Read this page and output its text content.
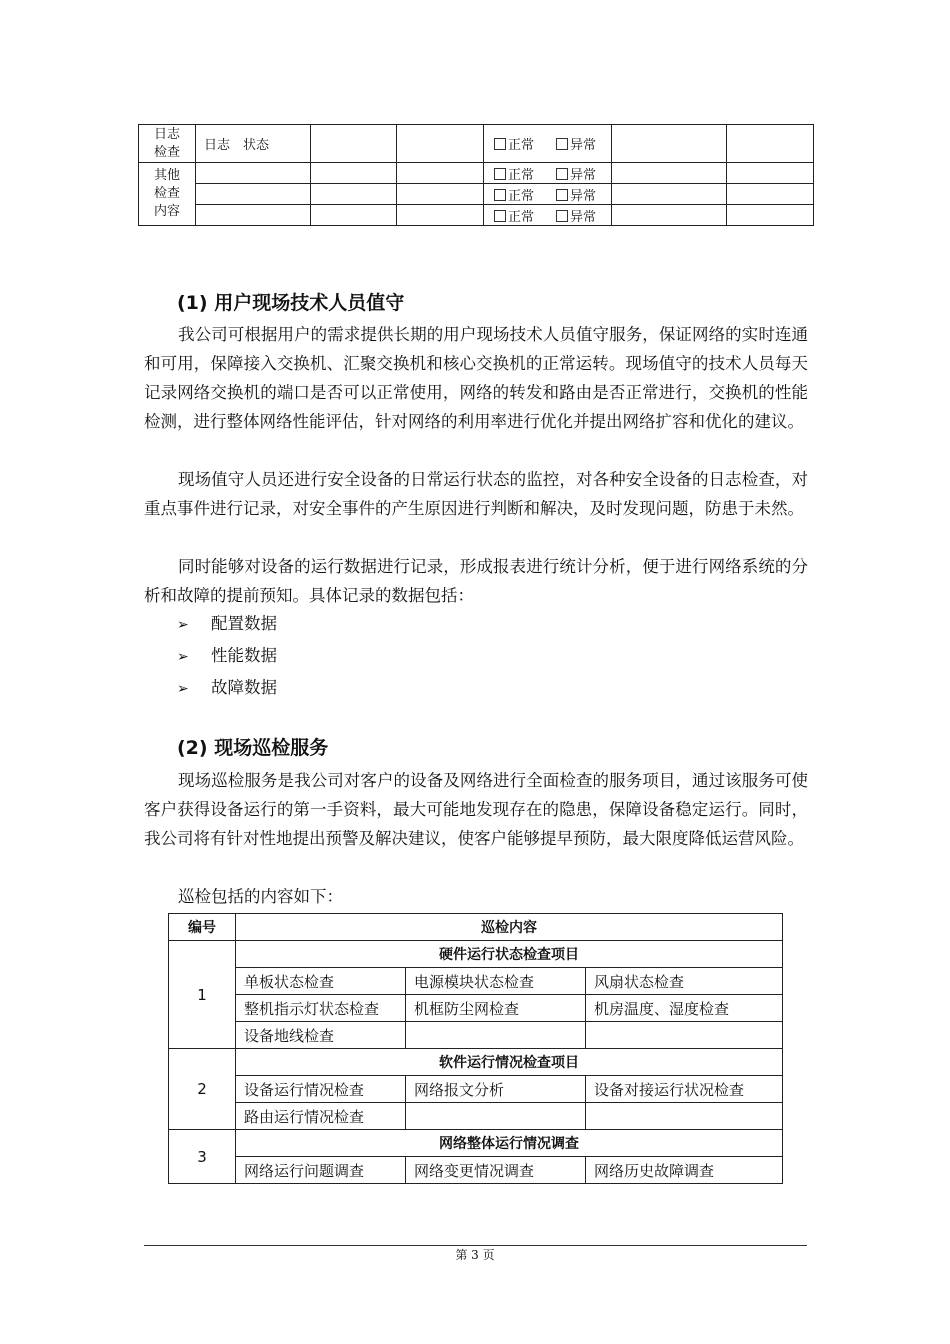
日志检查	日志　状态			正常 异常		
其他检查内容				正常 异常		
				正常 异常		
				正常 异常		
(1) 用户现场技术人员值守

我公司可根据用户的需求提供长期的用户现场技术人员值守服务，保证网络的实时连通和可用，保障接入交换机、汇聚交换机和核心交换机的正常运转。现场值守的技术人员每天记录网络交换机的端口是否可以正常使用，网络的转发和路由是否正常进行，交换机的性能检测，进行整体网络性能评估，针对网络的利用率进行优化并提出网络扩容和优化的建议。

现场值守人员还进行安全设备的日常运行状态的监控，对各种安全设备的日志检查，对重点事件进行记录，对安全事件的产生原因进行判断和解决，及时发现问题，防患于未然。

同时能够对设备的运行数据进行记录，形成报表进行统计分析，便于进行网络系统的分析和故障的提前预知。具体记录的数据包括：

➢ 配置数据
➢ 性能数据
➢ 故障数据
(2) 现场巡检服务

现场巡检服务是我公司对客户的设备及网络进行全面检查的服务项目，通过该服务可使客户获得设备运行的第一手资料，最大可能地发现存在的隐患，保障设备稳定运行。同时，我公司将有针对性地提出预警及解决建议，使客户能够提早预防，最大限度降低运营风险。

巡检包括的内容如下：

编号	巡检内容		
1	硬件运行状态检查项目		
	单板状态检查	电源模块状态检查	风扇状态检查
	整机指示灯状态检查	机框防尘网检查	机房温度、湿度检查
	设备地线检查		
2	软件运行情况检查项目		
	设备运行情况检查	网络报文分析	设备对接运行状况检查
	路由运行情况检查		
3	网络整体运行情况调查		
	网络运行问题调查	网络变更情况调查	网络历史故障调查
第 3 页
